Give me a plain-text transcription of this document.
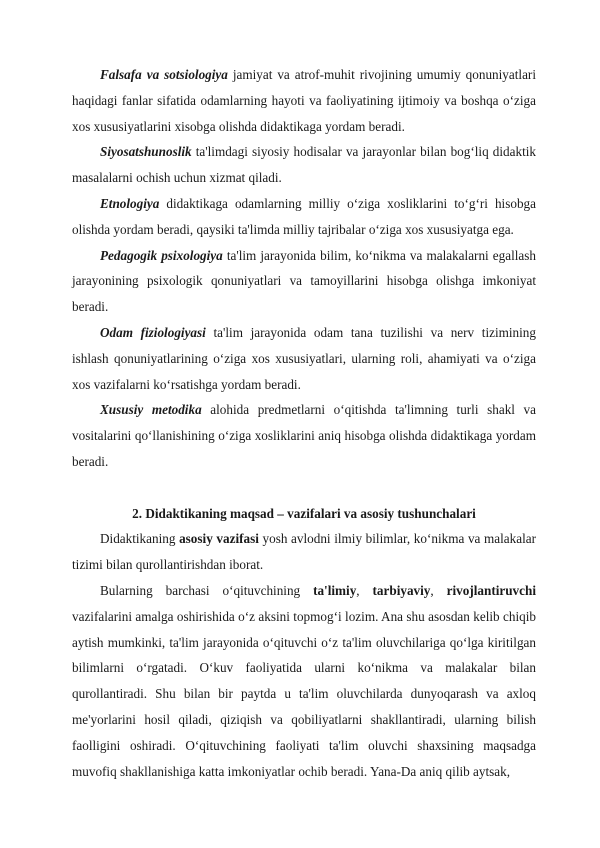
Falsafa va sotsiologiya jamiyat va atrof-muhit rivojining umumiy qonuniyatlari haqidagi fanlar sifatida odamlarning hayoti va faoliyatining ijtimoiy va boshqa o‘ziga xos xususiyatlarini xisobga olishda didaktikaga yordam beradi.

Siyosatshunoslik ta'limdagi siyosiy hodisalar va jarayonlar bilan bog‘liq didaktik masalalarni ochish uchun xizmat qiladi.

Etnologiya didaktikaga odamlarning milliy o‘ziga xosliklarini to‘g‘ri hisobga olishda yordam beradi, qaysiki ta'limda milliy tajribalar o‘ziga xos xususiyatga ega.

Pedagogik psixologiya ta'lim jarayonida bilim, ko‘nikma va malakalarni egallash jarayonining psixologik qonuniyatlari va tamoyillarini hisobga olishga imkoniyat beradi.

Odam fiziologiyasi ta'lim jarayonida odam tana tuzilishi va nerv tizimining ishlash qonuniyatlarining o‘ziga xos xususiyatlari, ularning roli, ahamiyati va o‘ziga xos vazifalarni ko‘rsatishga yordam beradi.

Xususiy metodika alohida predmetlarni o‘qitishda ta'limning turli shakl va vositalarini qo‘llanishining o‘ziga xosliklarini aniq hisobga olishda didaktikaga yordam beradi.

2. Didaktikaning maqsad – vazifalari va asosiy tushunchalari

Didaktikaning asosiy vazifasi yosh avlodni ilmiy bilimlar, ko‘nikma va malakalar tizimi bilan qurollantirishdan iborat.

Bularning barchasi o‘qituvchining ta'limiy, tarbiyaviy, rivojlantiruvchi vazifalarini amalga oshirishida o‘z aksini topmog‘i lozim. Ana shu asosdan kelib chiqib aytish mumkinki, ta'lim jarayonida o‘qituvchi o‘z ta'lim oluvchilariga qo‘lga kiritilgan bilimlarni o‘rgatadi. O‘kuv faoliyatida ularni ko‘nikma va malakalar bilan qurollantiradi. Shu bilan bir paytda u ta'lim oluvchilarda dunyoqarash va axloq me'yorlarini hosil qiladi, qiziqish va qobiliyatlarni shakllantiradi, ularning bilish faolligini oshiradi. O‘qituvchining faoliyati ta'lim oluvchi shaxsining maqsadga muvofiq shakllanishiga katta imkoniyatlar ochib beradi. Yana-Da aniq qilib aytsak,
